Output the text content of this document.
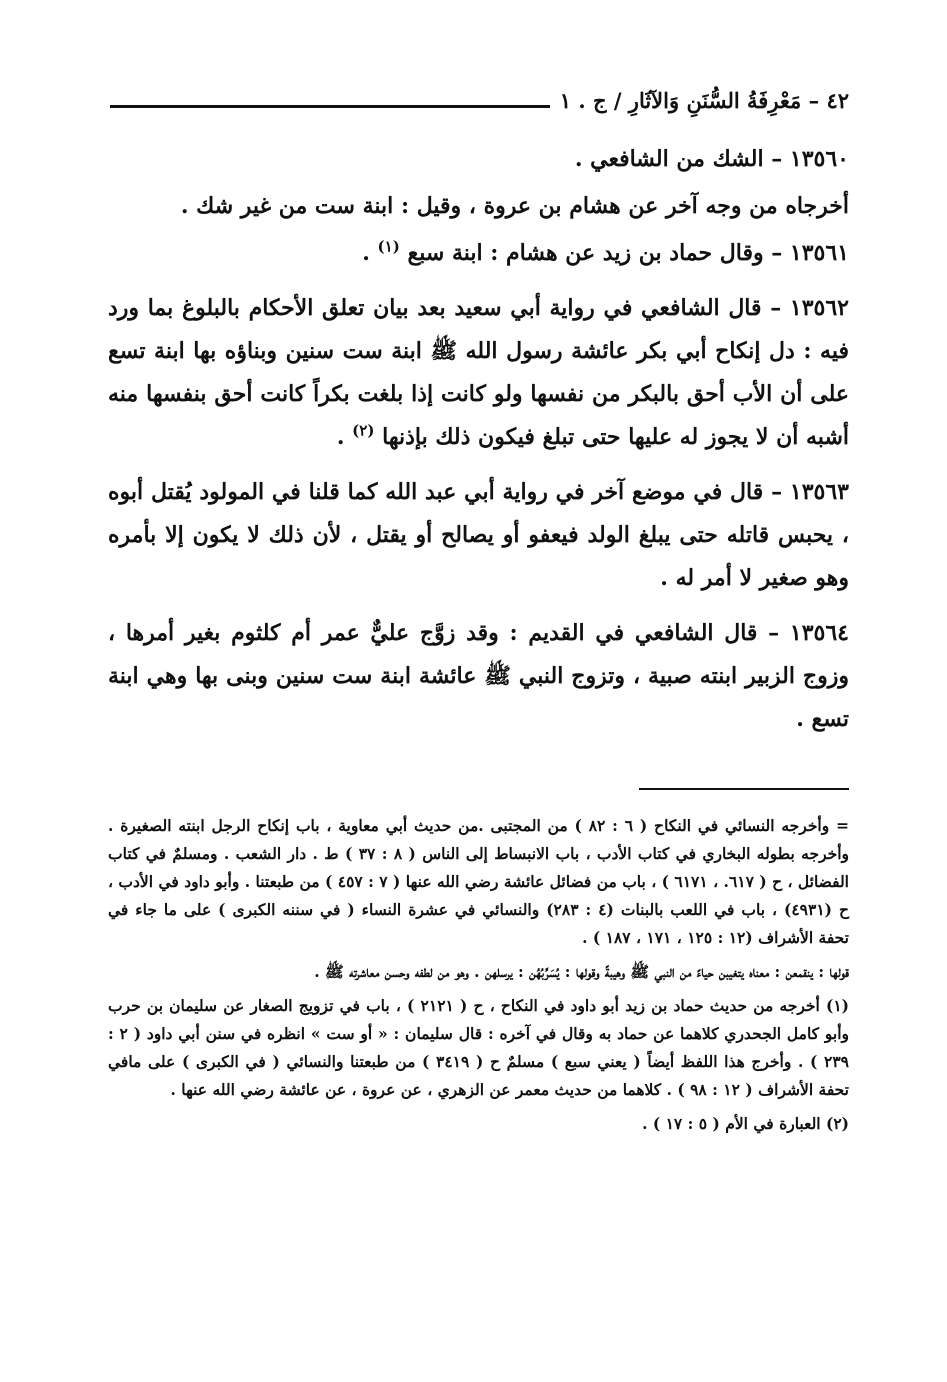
٤٢ – مَعْرِفَةُ السُّنَنِ وَالآثَارِ / ج . ١

١٣٥٦٠ – الشك من الشافعي .

أخرجاه من وجه آخر عن هشام بن عروة ، وقيل : ابنة ست من غير شك .

١٣٥٦١ – وقال حماد بن زيد عن هشام : ابنة سبع $^{(١)}$ .

١٣٥٦٢ – قال الشافعي في رواية أبي سعيد بعد بيان تعلق الأحكام بالبلوغ بما ورد فيه : دل إنكاح أبي بكر عائشة رسول الله ﷺ ابنة ست سنين وبناؤه بها ابنة تسع على أن الأب أحق بالبكر من نفسها ولو كانت إذا بلغت بكراً كانت أحق بنفسها منه أشبه أن لا يجوز له عليها حتى تبلغ فيكون ذلك بإذنها $^{(٢)}$ .

١٣٥٦٣ – قال في موضع آخر في رواية أبي عبد الله كما قلنا في المولود يُقتل أبوه ، يحبس قاتله حتى يبلغ الولد فيعفو أو يصالح أو يقتل ، لأن ذلك لا يكون إلا بأمره وهو صغير لا أمر له .

١٣٥٦٤ – قال الشافعي في القديم : وقد زوَّج عليٌّ عمر أم كلثوم بغير أمرها ، وزوج الزبير ابنته صبية ، وتزوج النبي ﷺ عائشة ابنة ست سنين وبنى بها وهي ابنة تسع .

= وأخرجه النسائي في النكاح ( ٦ : ٨٢ ) من المجتبى .من حديث أبي معاوية ، باب إنكاح الرجل ابنته الصغيرة . وأخرجه بطوله البخاري في كتاب الأدب ، باب الانبساط إلى الناس ( ٨ : ٣٧ ) ط . دار الشعب . ومسلمٌ في كتاب الفضائل ، ح ( ٦١٧. ، ٦١٧١ ) ، باب من فضائل عائشة رضي الله عنها ( ٧ : ٤٥٧ ) من طبعتنا . وأبو داود في الأدب ، ح (٤٩٣١) ، باب في اللعب بالبنات (٤ : ٢٨٣) والنسائي في عشرة النساء ( في سننه الكبرى ) على ما جاء في تحفة الأشراف (١٢ : ١٢٥ ، ١٧١ ، ١٨٧ ) .

قولها : ينقمعن : معناه يتغيبن حياءً من النبي ﷺ وهيبةً وقولها : يُسَرِّبُهُن : يرسلهن . وهو من لطفه وحسن معاشرته ﷺ .

(١) أخرجه من حديث حماد بن زيد أبو داود في النكاح ، ح ( ٢١٢١ ) ، باب في تزويج الصغار عن سليمان بن حرب وأبو كامل الجحدري كلاهما عن حماد به وقال في آخره : قال سليمان : « أو ست » انظره في سنن أبي داود ( ٢ : ٢٣٩ ) . وأخرج هذا اللفظ أيضاً ( يعني سبع ) مسلمٌ ح ( ٣٤١٩ ) من طبعتنا والنسائي ( في الكبرى ) على مافي تحفة الأشراف ( ١٢ : ٩٨ ) . كلاهما من حديث معمر عن الزهري ، عن عروة ، عن عائشة رضي الله عنها .

(٢) العبارة في الأم ( ٥ : ١٧ ) .
